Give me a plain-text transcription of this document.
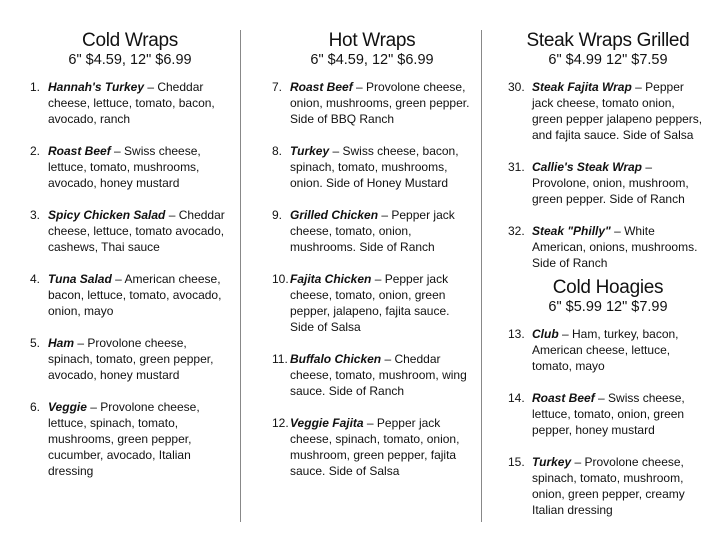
Cold Wraps
6" $4.59, 12" $6.99
1. Hannah's Turkey – Cheddar cheese, lettuce, tomato, bacon, avocado, ranch
2. Roast Beef – Swiss cheese, lettuce, tomato, mushrooms, avocado, honey mustard
3. Spicy Chicken Salad – Cheddar cheese, lettuce, tomato avocado, cashews, Thai sauce
4. Tuna Salad – American cheese, bacon, lettuce, tomato, avocado, onion, mayo
5. Ham – Provolone cheese, spinach, tomato, green pepper, avocado, honey mustard
6. Veggie – Provolone cheese, lettuce, spinach, tomato, mushrooms, green pepper, cucumber, avocado, Italian dressing
Hot Wraps
6" $4.59, 12" $6.99
7. Roast Beef – Provolone cheese, onion, mushrooms, green pepper. Side of BBQ Ranch
8. Turkey – Swiss cheese, bacon, spinach, tomato, mushrooms, onion. Side of Honey Mustard
9. Grilled Chicken – Pepper jack cheese, tomato, onion, mushrooms. Side of Ranch
10. Fajita Chicken – Pepper jack cheese, tomato, onion, green pepper, jalapeno, fajita sauce. Side of Salsa
11. Buffalo Chicken – Cheddar cheese, tomato, mushroom, wing sauce. Side of Ranch
12. Veggie Fajita – Pepper jack cheese, spinach, tomato, onion, mushroom, green pepper, fajita sauce. Side of Salsa
Steak Wraps Grilled
6" $4.99 12" $7.59
30. Steak Fajita Wrap – Pepper jack cheese, tomato onion, green pepper jalapeno peppers, and fajita sauce. Side of Salsa
31. Callie's Steak Wrap – Provolone, onion, mushroom, green pepper. Side of Ranch
32. Steak "Philly" – White American, onions, mushrooms. Side of Ranch
Cold Hoagies
6" $5.99 12" $7.99
13. Club – Ham, turkey, bacon, American cheese, lettuce, tomato, mayo
14. Roast Beef – Swiss cheese, lettuce, tomato, onion, green pepper, honey mustard
15. Turkey – Provolone cheese, spinach, tomato, mushroom, onion, green pepper, creamy Italian dressing
